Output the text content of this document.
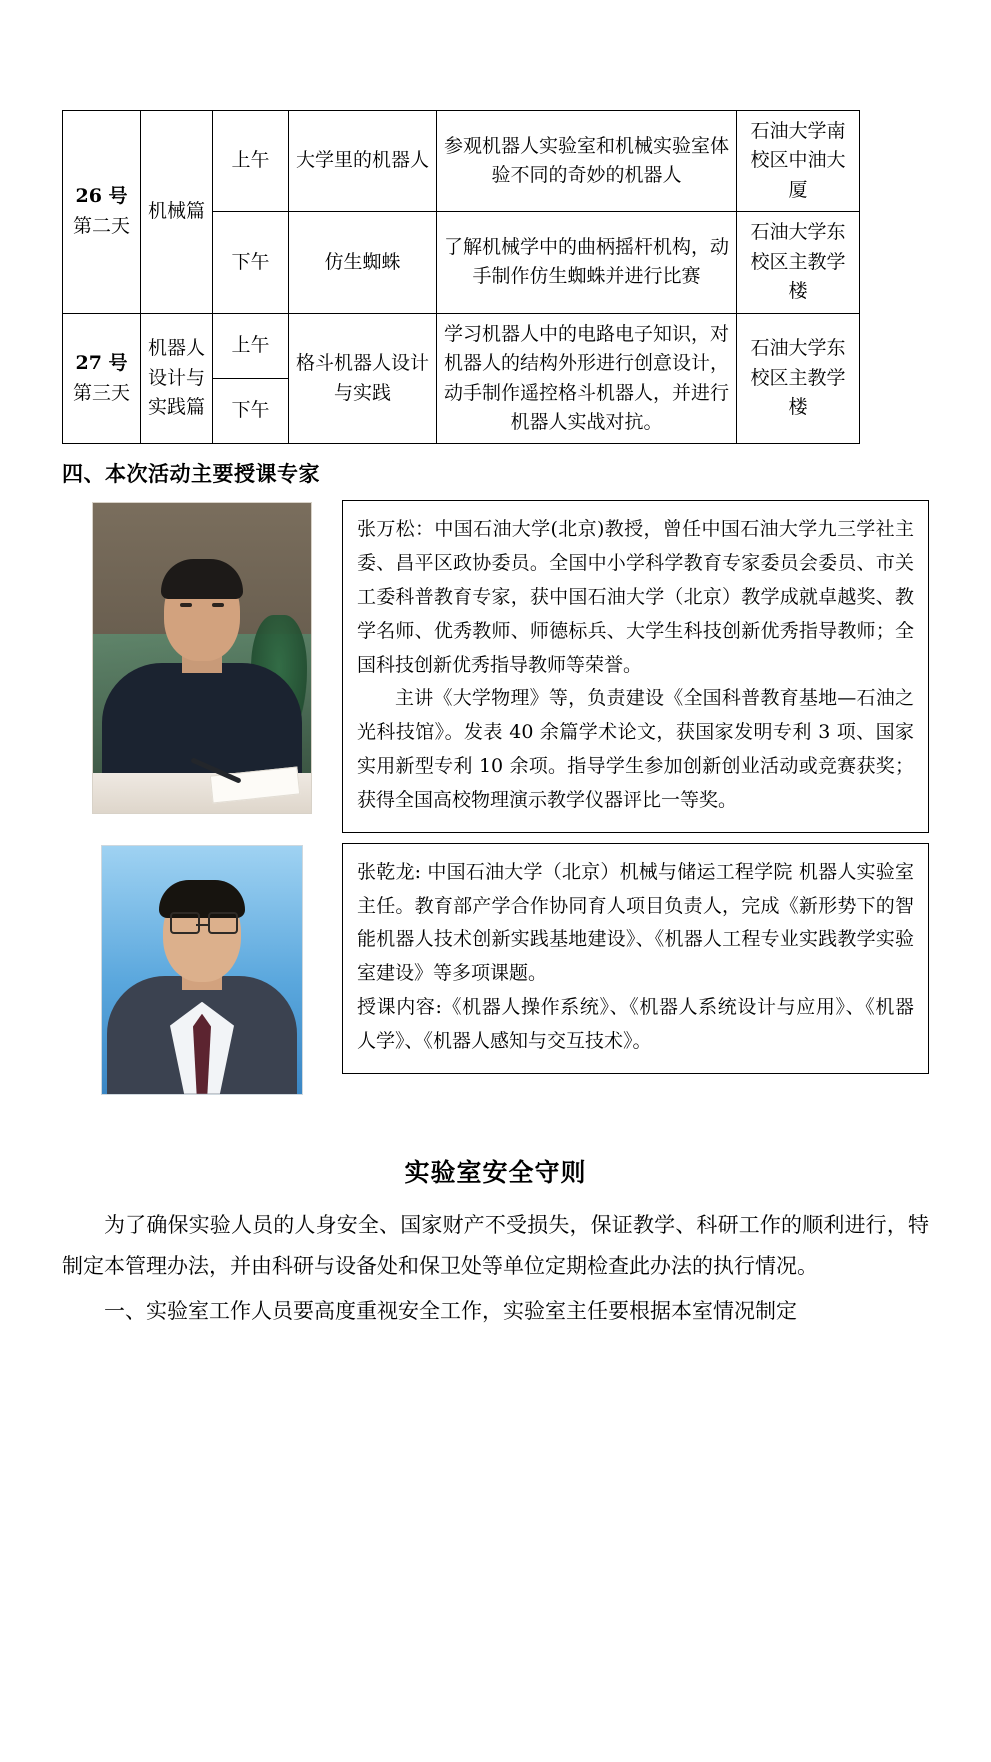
26 号
第二天	机械篇	上午	大学里的机器人	参观机器人实验室和机械实验室体验不同的奇妙的机器人	石油大学南校区中油大厦
		下午	仿生蜘蛛	了解机械学中的曲柄摇杆机构，动手制作仿生蜘蛛并进行比赛	石油大学东校区主教学楼

27 号
第三天	机器人设计与实践篇	上午	格斗机器人设计与实践	学习机器人中的电路电子知识，对机器人的结构外形进行创意设计，动手制作遥控格斗机器人，并进行机器人实战对抗。	石油大学东校区主教学楼
		下午			
四、本次活动主要授课专家

张万松：中国石油大学(北京)教授，曾任中国石油大学九三学社主委、昌平区政协委员。全国中小学科学教育专家委员会委员、市关工委科普教育专家，获中国石油大学（北京）教学成就卓越奖、教学名师、优秀教师、师德标兵、大学生科技创新优秀指导教师；全国科技创新优秀指导教师等荣誉。

主讲《大学物理》等，负责建设《全国科普教育基地—石油之光科技馆》。发表 40 余篇学术论文，获国家发明专利 3 项、国家实用新型专利 10 余项。指导学生参加创新创业活动或竞赛获奖；获得全国高校物理演示教学仪器评比一等奖。

张乾龙: 中国石油大学（北京）机械与储运工程学院 机器人实验室主任。教育部产学合作协同育人项目负责人，完成《新形势下的智能机器人技术创新实践基地建设》、《机器人工程专业实践教学实验室建设》等多项课题。

授课内容:《机器人操作系统》、《机器人系统设计与应用》、《机器人学》、《机器人感知与交互技术》。

实验室安全守则

为了确保实验人员的人身安全、国家财产不受损失，保证教学、科研工作的顺利进行，特制定本管理办法，并由科研与设备处和保卫处等单位定期检查此办法的执行情况。

一、实验室工作人员要高度重视安全工作，实验室主任要根据本室情况制定
